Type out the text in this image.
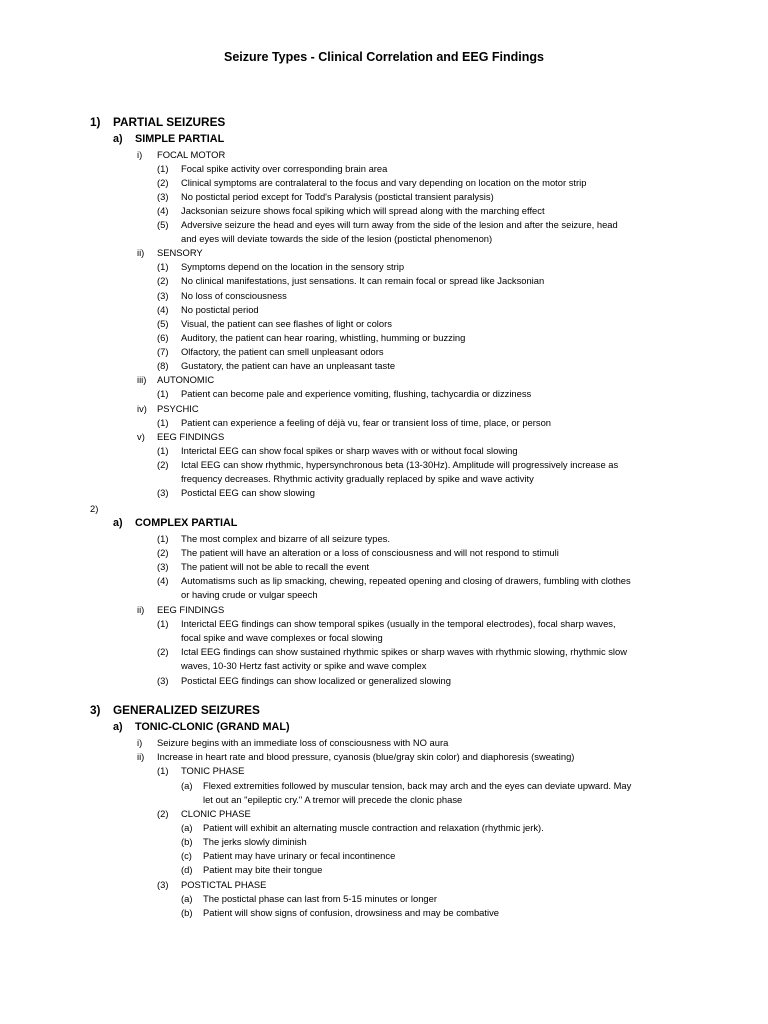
Seizure Types - Clinical Correlation and EEG Findings
1) PARTIAL SEIZURES
a) SIMPLE PARTIAL
i) FOCAL MOTOR
(1) Focal spike activity over corresponding brain area
(2) Clinical symptoms are contralateral to the focus and vary depending on location on the motor strip
(3) No postictal period except for Todd's Paralysis (postictal transient paralysis)
(4) Jacksonian seizure shows focal spiking which will spread along with the marching effect
(5) Adversive seizure the head and eyes will turn away from the side of the lesion and after the seizure, head
and eyes will deviate towards the side of the lesion (postictal phenomenon)
ii) SENSORY
(1) Symptoms depend on the location in the sensory strip
(2) No clinical manifestations, just sensations. It can remain focal or spread like Jacksonian
(3) No loss of consciousness
(4) No postictal period
(5) Visual, the patient can see flashes of light or colors
(6) Auditory, the patient can hear roaring, whistling, humming or buzzing
(7) Olfactory, the patient can smell unpleasant odors
(8) Gustatory, the patient can have an unpleasant taste
iii) AUTONOMIC
(1) Patient can become pale and experience vomiting, flushing, tachycardia or dizziness
iv) PSYCHIC
(1) Patient can experience a feeling of déjà vu, fear or transient loss of time, place, or person
v) EEG FINDINGS
(1) Interictal EEG can show focal spikes or sharp waves with or without focal slowing
(2) Ictal EEG can show rhythmic, hypersynchronous beta (13-30Hz). Amplitude will progressively increase as
frequency decreases. Rhythmic activity gradually replaced by spike and wave activity
(3) Postictal EEG can show slowing
2)
a) COMPLEX PARTIAL
(1) The most complex and bizarre of all seizure types.
(2) The patient will have an alteration or a loss of consciousness and will not respond to stimuli
(3) The patient will not be able to recall the event
(4) Automatisms such as lip smacking, chewing, repeated opening and closing of drawers, fumbling with clothes
or having crude or vulgar speech
ii) EEG FINDINGS
(1) Interictal EEG findings can show temporal spikes (usually in the temporal electrodes), focal sharp waves,
focal spike and wave complexes or focal slowing
(2) Ictal EEG findings can show sustained rhythmic spikes or sharp waves with rhythmic slowing, rhythmic slow
waves, 10-30 Hertz fast activity or spike and wave complex
(3) Postictal EEG findings can show localized or generalized slowing
3) GENERALIZED SEIZURES
a) TONIC-CLONIC (GRAND MAL)
i) Seizure begins with an immediate loss of consciousness with NO aura
ii) Increase in heart rate and blood pressure, cyanosis (blue/gray skin color) and diaphoresis (sweating)
(1) TONIC PHASE
(a) Flexed extremities followed by muscular tension, back may arch and the eyes can deviate upward. May
let out an "epileptic cry." A tremor will precede the clonic phase
(2) CLONIC PHASE
(a) Patient will exhibit an alternating muscle contraction and relaxation (rhythmic jerk).
(b) The jerks slowly diminish
(c) Patient may have urinary or fecal incontinence
(d) Patient may bite their tongue
(3) POSTICTAL PHASE
(a) The postictal phase can last from 5-15 minutes or longer
(b) Patient will show signs of confusion, drowsiness and may be combative
